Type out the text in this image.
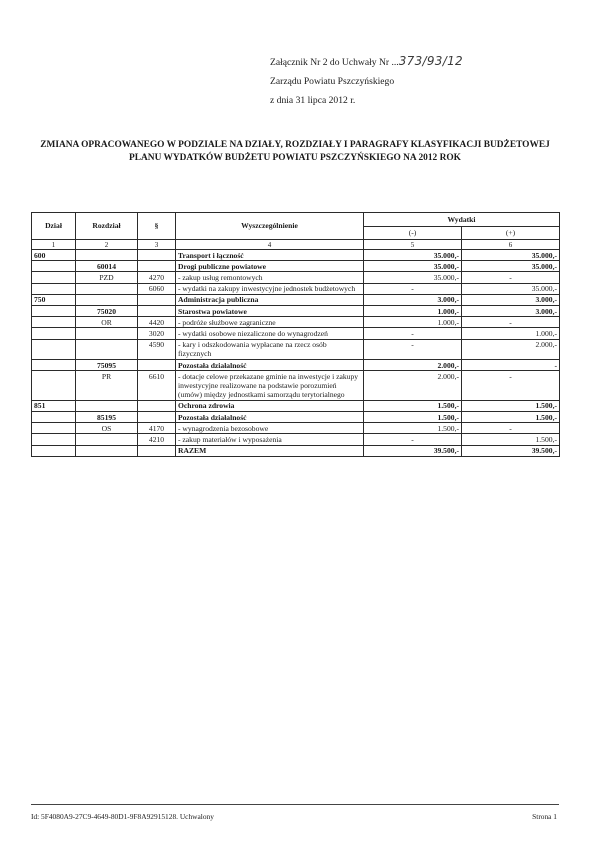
Załącznik Nr 2 do Uchwały Nr ...373/93/12
Zarządu Powiatu Pszczyńskiego
z dnia 31 lipca 2012 r.
ZMIANA OPRACOWANEGO W PODZIALE NA DZIAŁY, ROZDZIAŁY I PARAGRAFY KLASYFIKACJI BUDŻETOWEJ PLANU WYDATKÓW BUDŻETU POWIATU PSZCZYŃSKIEGO NA 2012 ROK
Dział	Rozdział	§	Wyszczególnienie	Wydatki	
				(-)	(+)
1	2	3	4	5	6
600			Transport i łączność	35.000,-	35.000,-
	60014		Drogi publiczne powiatowe	35.000,-	35.000,-
	PZD	4270	- zakup usług remontowych	35.000,-	-
		6060	- wydatki na zakupy inwestycyjne jednostek budżetowych	-	35.000,-
750			Administracja publiczna	3.000,-	3.000,-
	75020		Starostwa powiatowe	1.000,-	3.000,-
	OR	4420	- podróże służbowe zagraniczne	1.000,-	-
		3020	- wydatki osobowe niezaliczone do wynagrodzeń	-	1.000,-
		4590	- kary i odszkodowania wypłacane na rzecz osób fizycznych	-	2.000,-
	75095		Pozostała działalność	2.000,-	-
	PR	6610	- dotacje celowe przekazane gminie na inwestycje i zakupy inwestycyjne realizowane na podstawie porozumień (umów) między jednostkami samorządu terytorialnego	2.000,-	-
851			Ochrona zdrowia	1.500,-	1.500,-
	85195		Pozostała działalność	1.500,-	1.500,-
	OS	4170	- wynagrodzenia bezosobowe	1.500,-	-
		4210	- zakup materiałów i wyposażenia	-	1.500,-
			RAZEM	39.500,-	39.500,-
Id: 5F4080A9-27C9-4649-80D1-9F8A92915128. Uchwalony	Strona 1
